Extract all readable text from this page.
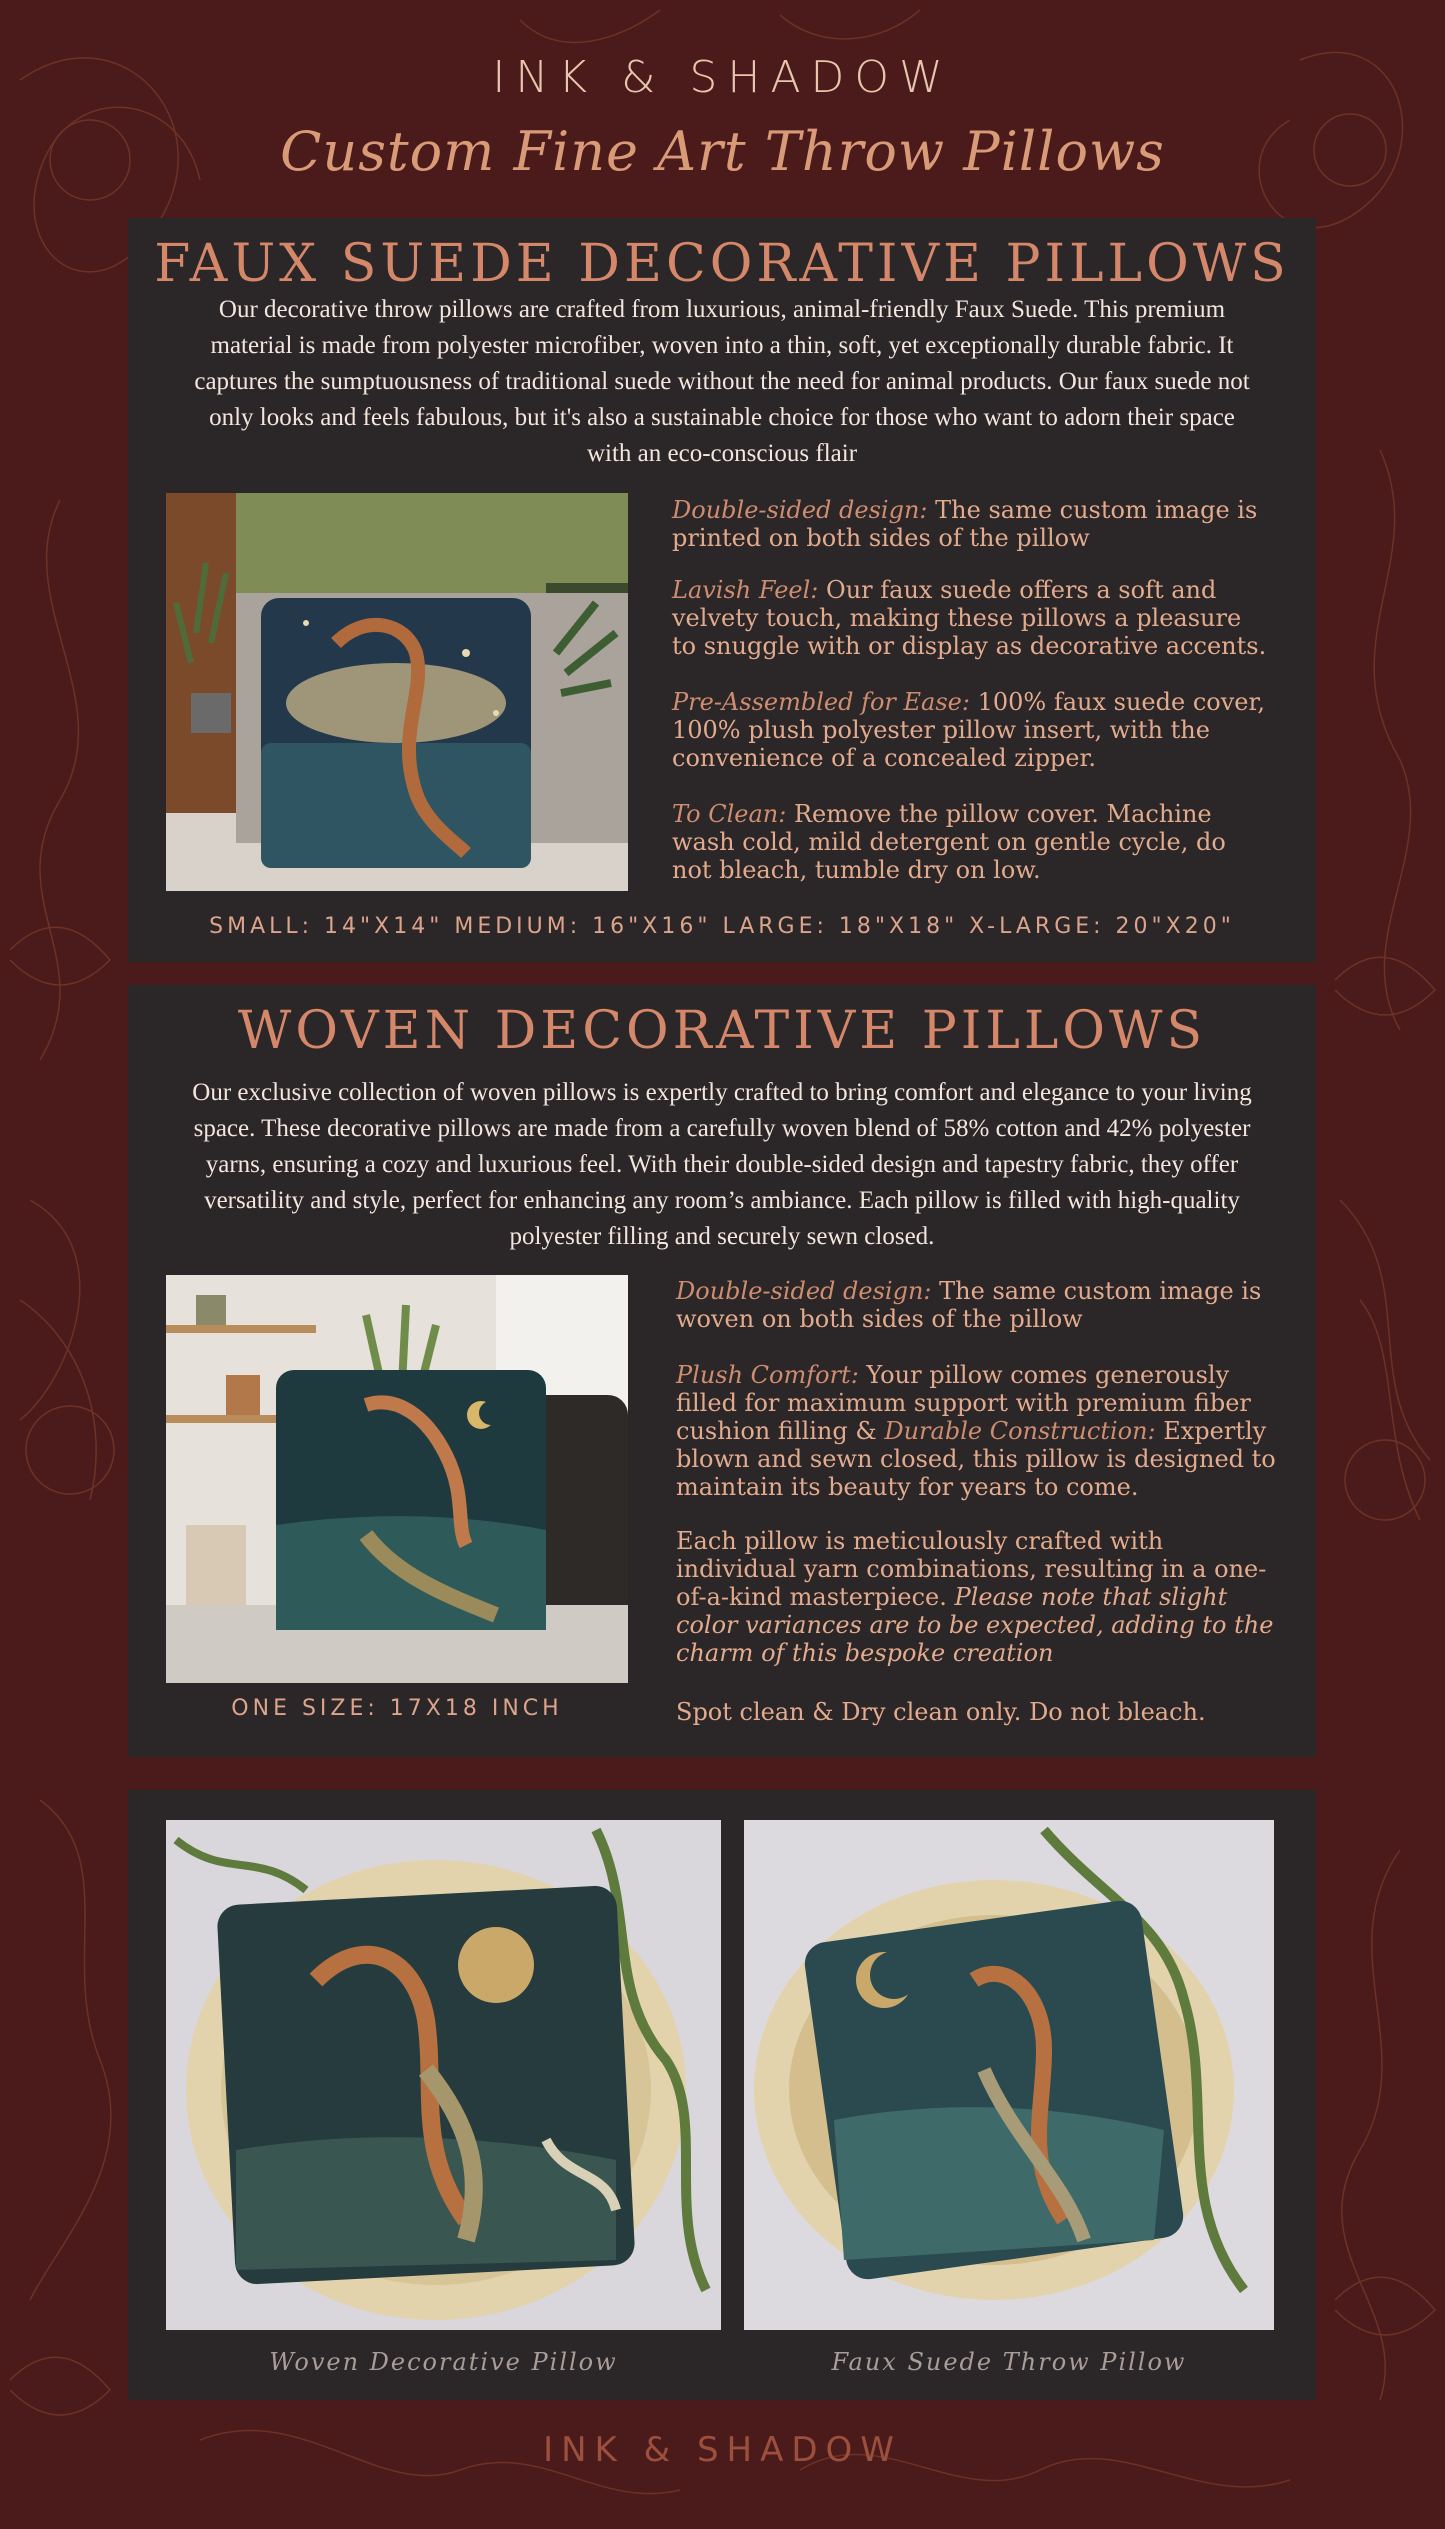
INK & SHADOW
Custom Fine Art Throw Pillows
FAUX SUEDE DECORATIVE PILLOWS
Our decorative throw pillows are crafted from luxurious, animal-friendly Faux Suede. This premium material is made from polyester microfiber, woven into a thin, soft, yet exceptionally durable fabric. It captures the sumptuousness of traditional suede without the need for animal products. Our faux suede not only looks and feels fabulous, but it's also a sustainable choice for those who want to adorn their space with an eco-conscious flair
Double-sided design: The same custom image is printed on both sides of the pillow
Lavish Feel: Our faux suede offers a soft and velvety touch, making these pillows a pleasure to snuggle with or display as decorative accents.
Pre-Assembled for Ease: 100% faux suede cover, 100% plush polyester pillow insert, with the convenience of a concealed zipper.
To Clean: Remove the pillow cover. Machine wash cold, mild detergent on gentle cycle, do not bleach, tumble dry on low.
SMALL: 14"X14" MEDIUM: 16"X16" LARGE: 18"X18" X-LARGE: 20"X20"
WOVEN DECORATIVE PILLOWS
Our exclusive collection of woven pillows is expertly crafted to bring comfort and elegance to your living space. These decorative pillows are made from a carefully woven blend of 58% cotton and 42% polyester yarns, ensuring a cozy and luxurious feel. With their double-sided design and tapestry fabric, they offer versatility and style, perfect for enhancing any room’s ambiance. Each pillow is filled with high-quality polyester filling and securely sewn closed.
ONE SIZE: 17X18 INCH
Double-sided design: The same custom image is woven on both sides of the pillow
Plush Comfort: Your pillow comes generously filled for maximum support with premium fiber cushion filling & Durable Construction: Expertly blown and sewn closed, this pillow is designed to maintain its beauty for years to come.
Each pillow is meticulously crafted with individual yarn combinations, resulting in a one-of-a-kind masterpiece. Please note that slight color variances are to be expected, adding to the charm of this bespoke creation
Spot clean & Dry clean only. Do not bleach.
Woven Decorative Pillow	Faux Suede Throw Pillow
INK & SHADOW
